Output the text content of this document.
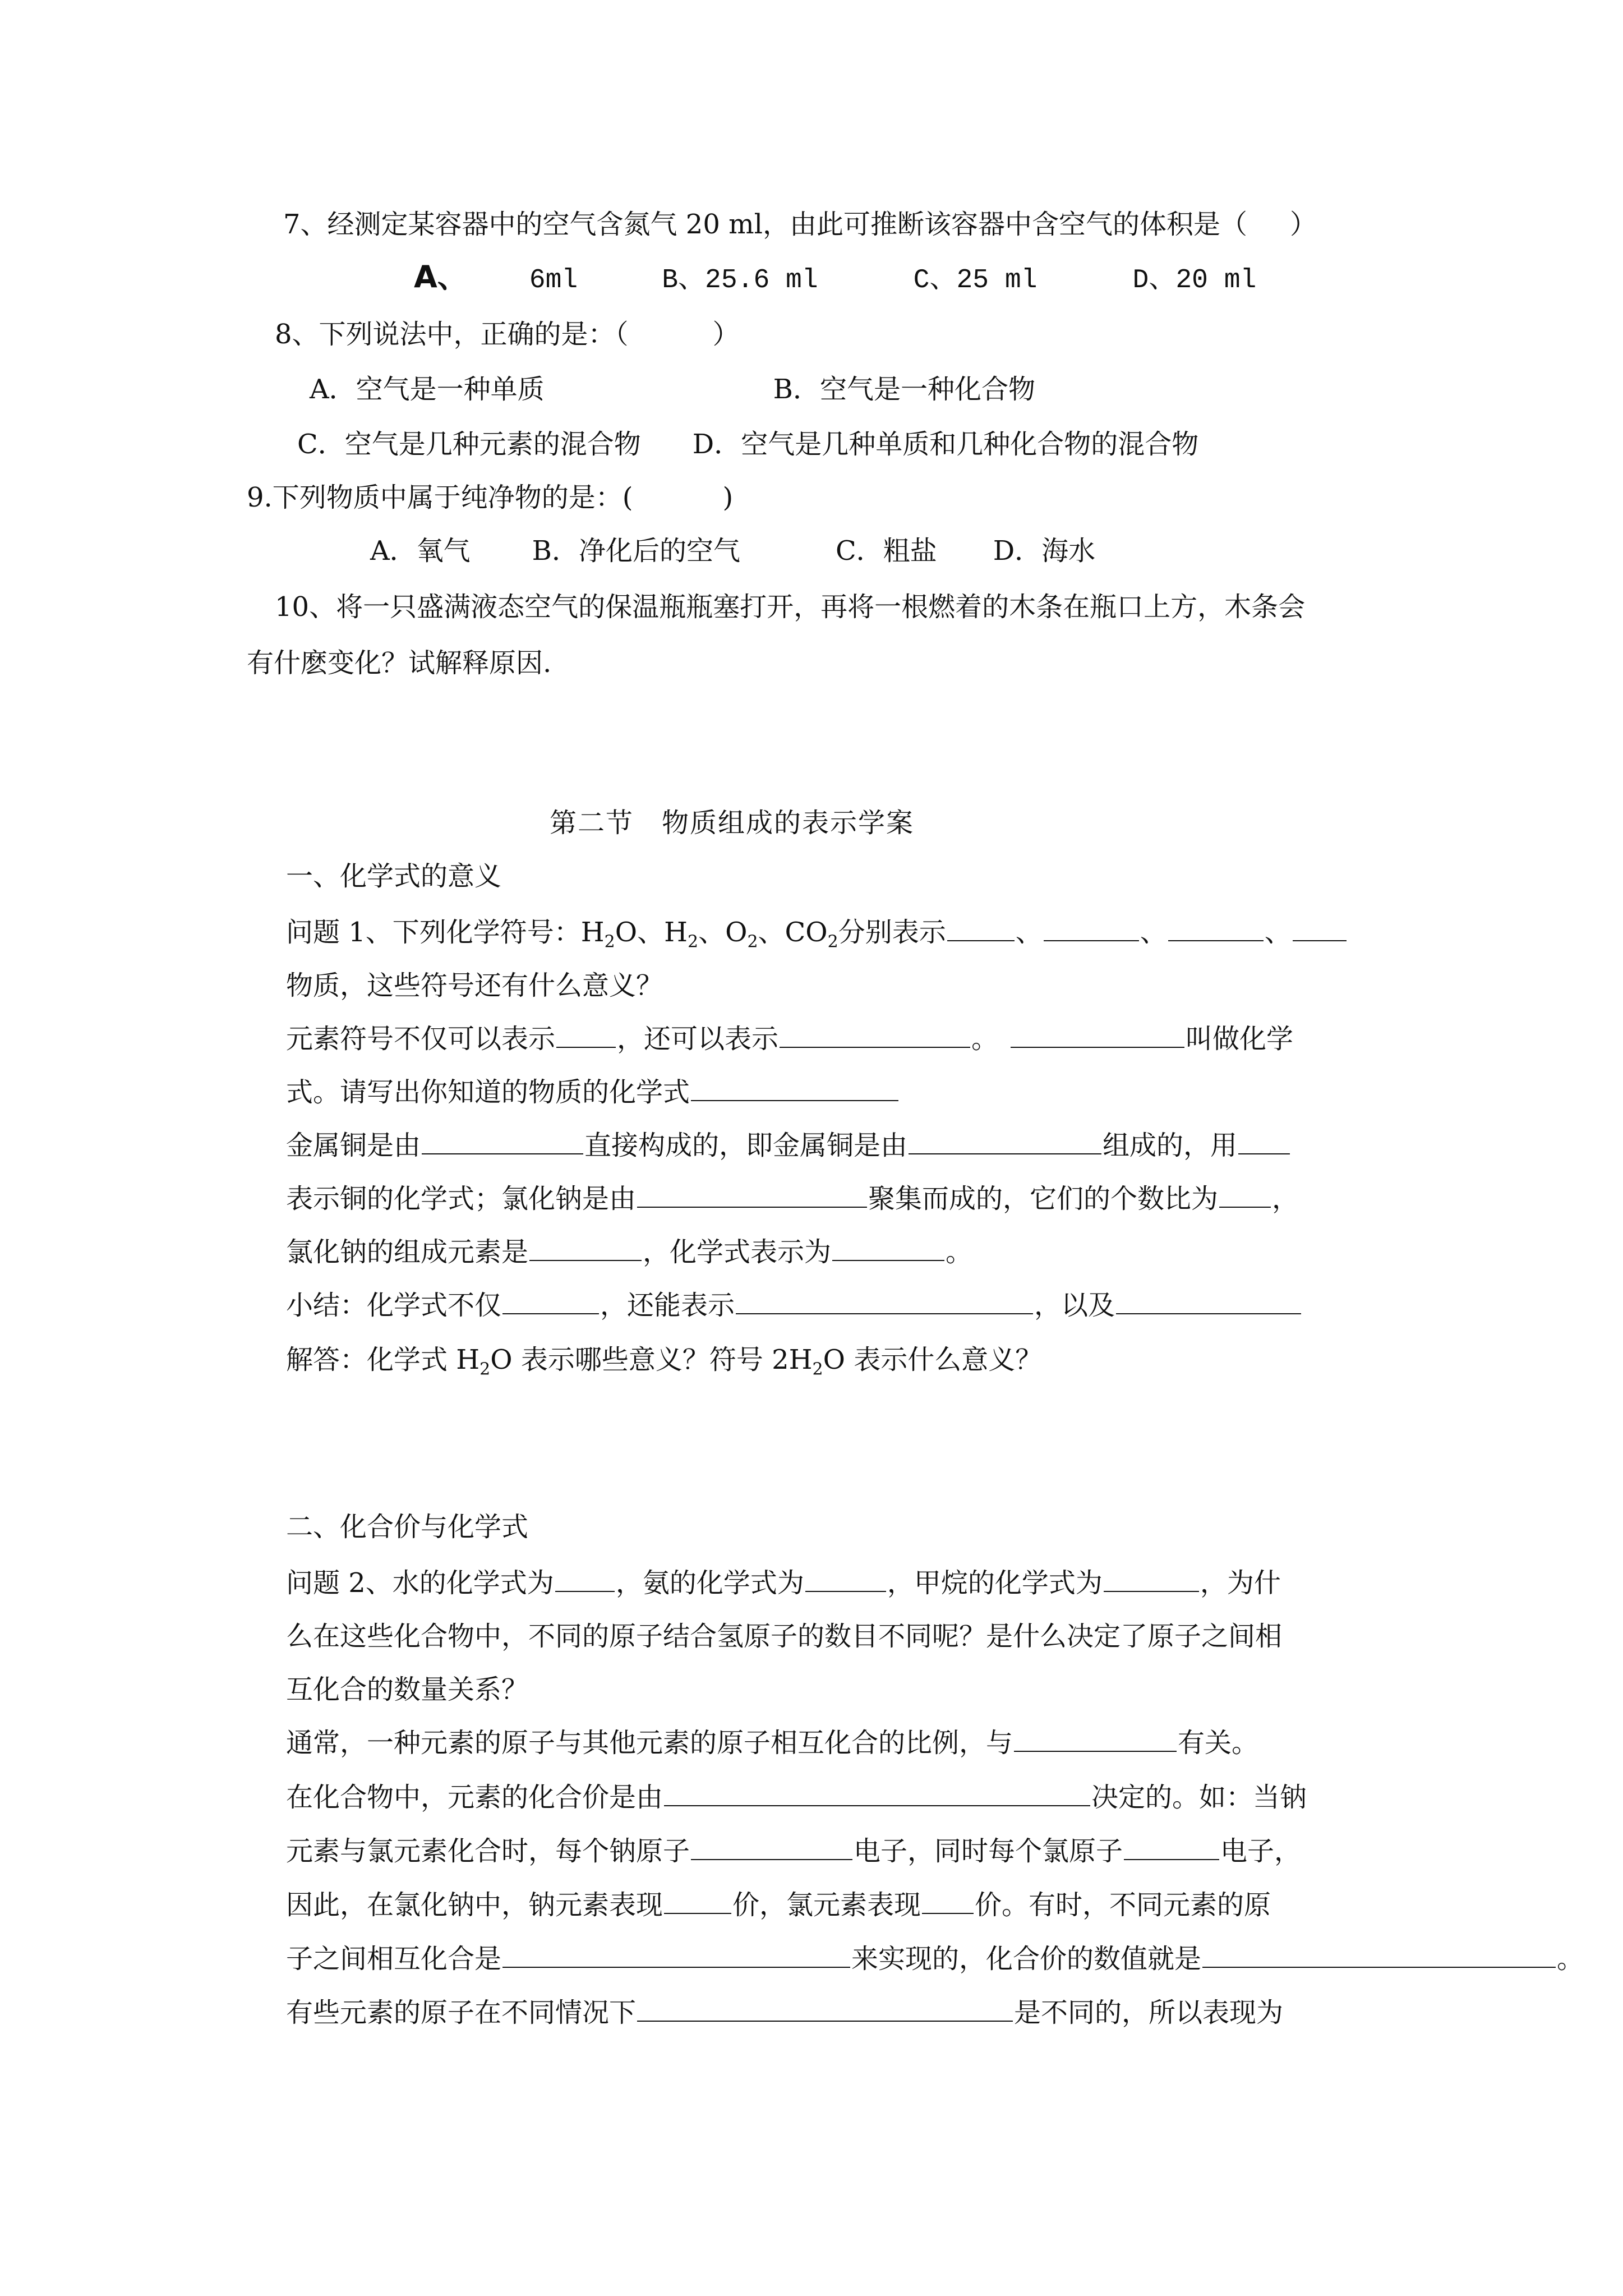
7、经测定某容器中的空气含氮气 20 ml，由此可推断该容器中含空气的体积是（ ）
A、 6ml	B、25.6 ml	C、25 ml	D、20 ml
8、下列说法中，正确的是：（	）
A．空气是一种单质	B．空气是一种化合物
C．空气是几种元素的混合物 D．空气是几种单质和几种化合物的混合物
9.下列物质中属于纯净物的是：(	)
A．氧气 B．净化后的空气	C．粗盐 D．海水
10、将一只盛满液态空气的保温瓶瓶塞打开，再将一根燃着的木条在瓶口上方，木条会
有什麽变化？试解释原因.
第二节　物质组成的表示学案
一、化学式的意义
问题 1、下列化学符号：$H_2O$、$H_2$、$O_2$、$CO_2$分别表示	、	、	、
物质，这些符号还有什么意义？
元素符号不仅可以表示 ，还可以表示	。	叫做化学
式。请写出你知道的物质的化学式
金属铜是由	直接构成的，即金属铜是由	组成的，用
表示铜的化学式；氯化钠是由	聚集而成的，它们的个数比为 ，
氯化钠的组成元素是	，化学式表示为	。
小结：化学式不仅	，还能表示	，以及
解答：化学式 $H_2O$ 表示哪些意义？符号 $2H_2O$ 表示什么意义？
二、化合价与化学式
问题 2、水的化学式为 ，氨的化学式为	，甲烷的化学式为	，为什
么在这些化合物中，不同的原子结合氢原子的数目不同呢？是什么决定了原子之间相
互化合的数量关系？
通常，一种元素的原子与其他元素的原子相互化合的比例，与	有关。
在化合物中，元素的化合价是由	决定的。如：当钠
元素与氯元素化合时，每个钠原子	电子，同时每个氯原子	电子，
因此，在氯化钠中，钠元素表现	价，氯元素表现 价。有时，不同元素的原
子之间相互化合是	来实现的，化合价的数值就是	。
有些元素的原子在不同情况下	是不同的，所以表现为
